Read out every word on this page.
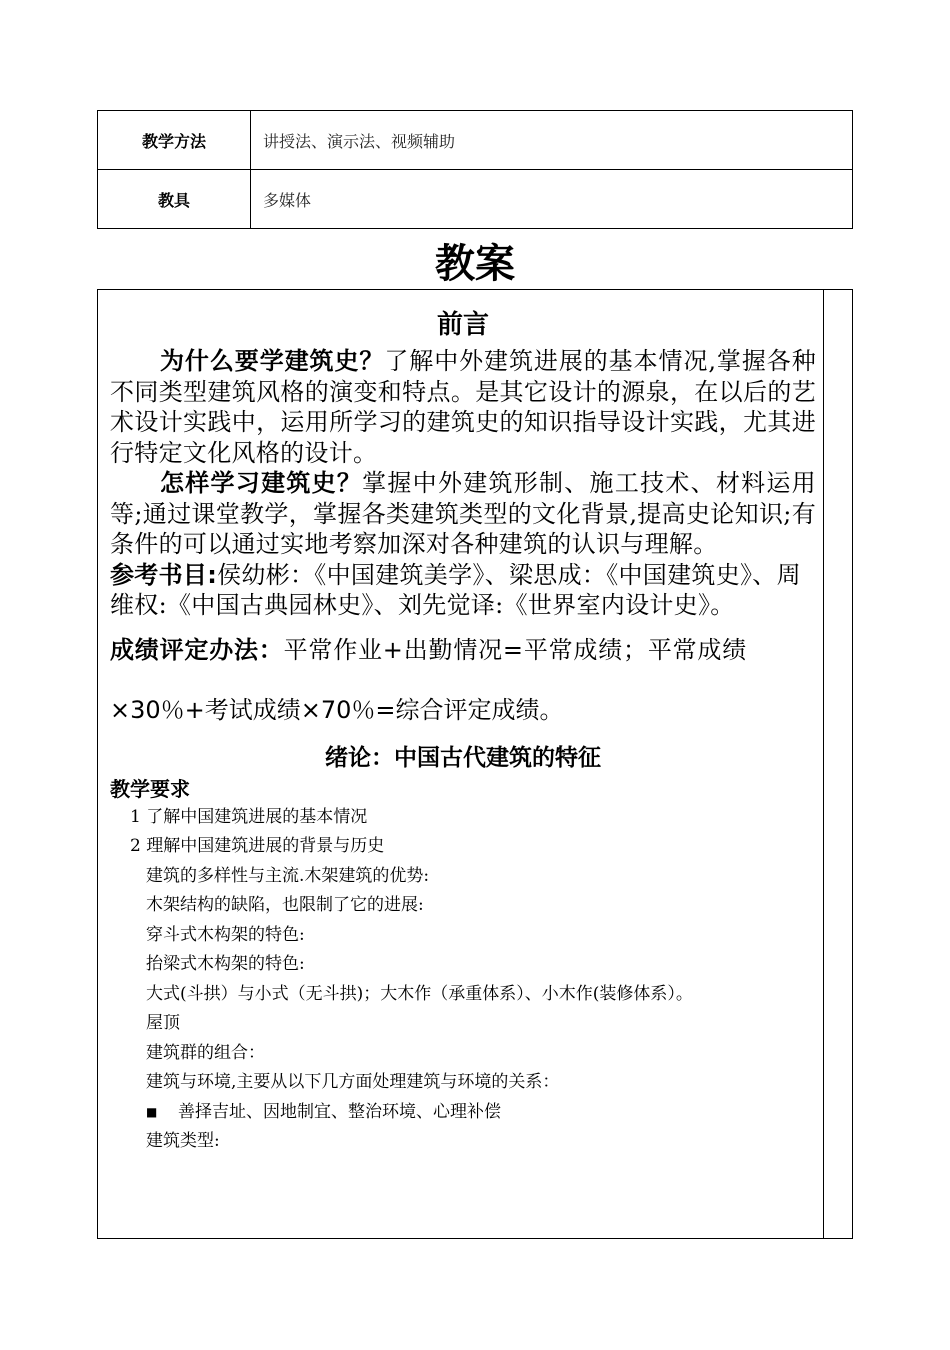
教学方法	讲授法、演示法、视频辅助
教具	多媒体
教案
前言

为什么要学建筑史？了解中外建筑进展的基本情况,掌握各种不同类型建筑风格的演变和特点。是其它设计的源泉，在以后的艺术设计实践中，运用所学习的建筑史的知识指导设计实践，尤其进行特定文化风格的设计。

怎样学习建筑史？掌握中外建筑形制、施工技术、材料运用等;通过课堂教学，掌握各类建筑类型的文化背景,提高史论知识;有条件的可以通过实地考察加深对各种建筑的认识与理解。

参考书目:侯幼彬：《中国建筑美学》、梁思成：《中国建筑史》、周维权:《中国古典园林史》、刘先觉译:《世界室内设计史》。

成绩评定办法：平常作业+出勤情况=平常成绩；平常成绩

×30％+考试成绩×70％=综合评定成绩。

绪论：中国古代建筑的特征
教学要求

1 了解中国建筑进展的基本情况

2 理解中国建筑进展的背景与历史

建筑的多样性与主流.木架建筑的优势:

木架结构的缺陷，也限制了它的进展:

穿斗式木构架的特色:

抬梁式木构架的特色:

大式(斗拱）与小式（无斗拱)；大木作（承重体系）、小木作(装修体系）。

屋顶

建筑群的组合：

建筑与环境,主要从以下几方面处理建筑与环境的关系：

■	善择吉址、因地制宜、整治环境、心理补偿

建筑类型:
